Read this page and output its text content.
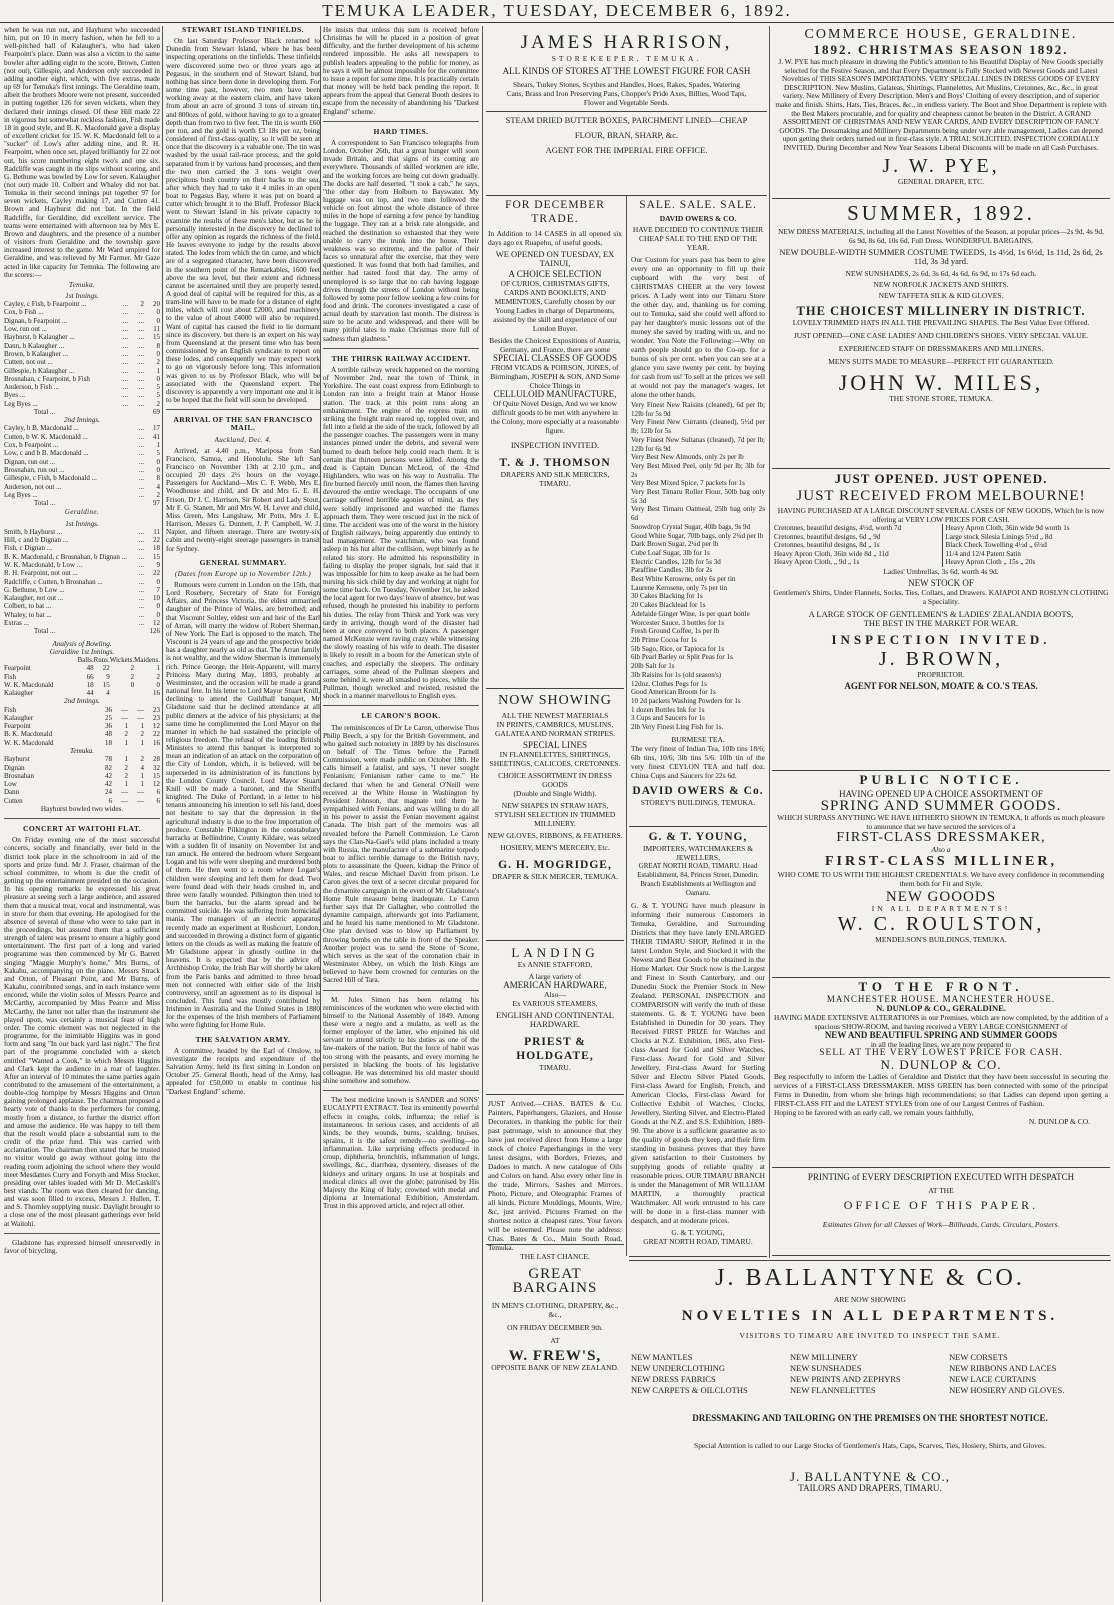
TEMUKA LEADER, TUESDAY, DECEMBER 6, 1892.

when he was run out, and Hayhurst who succeeded him, put on 10 in merry fashion, when he fell to a well-pitched ball of Kalaugher's, who had taken Fearpoint's place. Dann was also a victim to the same bowler after adding eight to the score, Brown, Cutten (not out), Gillespie, and Anderson only succeeded in adding another eight, which, with five extras, made up 69 for Temuka's first innings. The Geraldine team, albeit the brothers Moore were not present, succeeded in putting together 126 for seven wickets, when they declared their innings closed. Of these Hill made 22 in vigorous but somewhat reckless fashion, Fish made 18 in good style, and B. K. Macdonald gave a display of excellent cricket for 15. W. K. Macdonald fell to a "sucker" of Low's after adding nine, and R. H. Fearpoint, when once set, played brilliantly for 22 not out, his score numbering eight two's and one six. Radcliffe was caught in the slips without scoring, and G. Bethune was bowled by Low for seven. Kalaugher (not out) made 10. Colbert and Whaley did not bat. Temuka in their second innings put together 97 for seven wickets, Cayley making 17, and Cutten 41. Brown and Hayhurst did not bat. In the field Radcliffe, for Geraldine, did excellent service. The teams were entertained with afternoon tea by Mrs E. Brown and daughters, and the presence of a number of visitors from Geraldine and the township gave increased interest to the game. Mr Ward umpired for Geraldine, and was relieved by Mr Farmer. Mr Gaze acted in like capacity for Temuka. The following are the scores:—

Temuka.
1st Innings.
Cayley, c Fish, b Fearpoint ...	...	2	20
Cox, b Fish ...	...	...	0
Dignan, b Fearpoint ...	...	...	0
Low, run out ...	...	...	11
Hayhurst, b Kalaugher ...	...	...	15
Dann, b Kalaugher ...	...	...	8
Brown, b Kalaugher ...	...	...	0
Cutten, not out ...	...	...	2
Gillespie, b Kalaugher ...	...	...	1
Brosnahan, c Fearpoint, b Fish	...	...	0
Anderson, b Fish ...	...	...	5
Byes ...	...	...	5
Leg Byes ...	...	...	2
Total ...	69
2nd Innings.
Cayley, b B. Macdonald ...	...	17
Cutten, b W. K. Macdonald ...	...	41
Cox, b Fearpoint ...	...	1
Low, c and b B. Macdonald ...	...	5
Dignan, run out ...	...	0
Brosnahan, run out ...	...	0
Gillespie, c Fish, b Macdonald ...	...	8
Anderson, not out ...	...	4
Leg Byes ...	...	2
Total ...	97
Geraldine.
1st Innings.
Smith, b Hayhurst ...	...	11
Hill, c and b Dignan ...	...	22
Fish, c Dignan ...	...	18
B. K. Macdonald, c Brosnahan, b Dignan ...	...	15
W. K. Macdonald, b Low ...	...	9
R. H. Fearpoint, not out ...	...	22
Radcliffe, c Cutten, b Brosnahan ...	...	0
G. Bethune, b Low ...	...	7
Kalaugher, not out ...	...	10
Colbert, to bat ...	...	0
Whaley, to bat ...	...	0
Extras ...	...	12
Total ...	126
Analysis of Bowling.
Geraldine 1st Innings.
	Balls.	Runs.	Wickets.	Maidens.
Fearpoint	48	22	2	1
Fish	66	9	2	2
W. K. Macdonald	18	15	0	0
Kalaugher	44	4		16
2nd Innings.
Fish	36	—	—	23
Kalaugher	25	—	—	23
Fearpoint	36	1	1	12
B. K. Macdonald	48	2	2	22
W. K. Macdonald	18	1	1	16
Temuka.
Hayhurst	78	1	2	28
Dignan	82	2	4	32
Brosnahan	42	2	1	15
Low	42	1	1	12
Dann	24	—	—	6
Cutten	6	—	—	6
Hayhurst bowled two wides.
CONCERT AT WAITOHI FLAT.

On Friday evening one of the most successful concerts, socially and financially, ever held in the district took place in the schoolroom in aid of the sports and prize fund. Mr J. Fraser, chairman of the school committee, to whom is due the credit of getting up the entertainment presided on the occasion. In his opening remarks he expressed his great pleasure at seeing such a large audience, and assured them that a musical treat, vocal and instrumental, was in store for them that evening. He apologised for the absence of several of those who were to take part in the proceedings, but assured them that a sufficient strength of talent was present to ensure a highly good entertainment. The first part of a long and varied programme was then commenced by Mr G. Barrett singing "Maggie Murphy's home," Mrs Burns, of Kakahu, accompanying on the piano. Messrs Strack and Orton, of Pleasant Point, and Mr Burns, of Kakahu, contributed songs, and in each instance were encored, while the violin solos of Messrs Pearce and McCarthy, accompanied by Miss Pearce and Miss McCarthy, the latter not taller than the instrument she played upon, was certainly a musical feast of high order. The comic element was not neglected in the programme, for the inimitable Higgins was in good form and sang "In our back yard last night." The first part of the programme concluded with a sketch entitled "Wanted a Cook," in which Messrs Higgins and Clark kept the audience in a roar of laughter. After an interval of 10 minutes the same parties again contributed to the amusement of the entertainment, a double-clog hornpipe by Messrs Higgins and Orton gaining prolonged applause. The chairman proposed a hearty vote of thanks to the performers for coming, mostly from a distance, to further the district effort and amuse the audience. He was happy to tell them that the result would place a substantial sum to the credit of the prize fund. This was carried with acclamation. The chairman then stated that he trusted no visitor would go away without going into the reading room adjoining the school where they would meet Mesdames Curry and Forsyth and Miss Stocker, presiding over tables loaded with Mr D. McCaskill's best viands. The room was then cleared for dancing, and was soon filled to excess, Messrs J. Hullen, T. and S. Thornley supplying music. Daylight brought to a close one of the most pleasant gatherings ever held at Waitohi.

Gladstone has expressed himself unreservedly in favor of bicycling.

STEWART ISLAND TINFIELDS.

On last Saturday Professor Black returned to Dunedin from Stewart Island, where he has been inspecting operations on the tinfields. These tinfields were discovered some two or three years ago at Pegasus, in the southern end of Stewart Island, but nothing has since been done in developing them. For some time past, however, two men have been working away at the eastern claim, and have taken from about an acre of ground 3 tons of stream tin, and 800ozs of gold, without having to go to a greater depth than from two to five feet. The tin is worth £60 per ton, and the gold is worth £3 18s per oz, being considered of first-class quality, so it will be seen at once that the discovery is a valuable one. The tin was washed by the usual tail-race process, and the gold separated from it by various hand processes, and then the two men carried the 3 tons weight over precipitous bush country on their backs to the sea, after which they had to take it 4 miles in an open boat to Pegasus Bay, where it was put on board a cutter which brought it to the Bluff. Professor Black went to Stewart Island in his private capacity to examine the results of these men's labor, but as he is personally interested in the discovery he declined to offer any opinion as regards the richness of the field. He leaves everyone to judge by the results above stated. The lodes from which the tin came, and which are of a segregated character, have been discovered in the southern point of the Remarkables, 1600 feet above the sea level, but their extent and richness cannot be ascertained until they are properly tested. A good deal of capital will be required for this, as a tram-line will have to be made for a distance of eight miles, which will cost about £2000, and machinery to the value of about £4000 will also be required. Want of capital has caused the field to lie dormant since its discovery, but there is an expert on his way from Queensland at the present time who has been commissioned by an English syndicate to report on these lodes, and consequently we may expect work to go on vigorously before long. This information was given to us by Professor Black, who will be associated with the Queensland expert. The discovery is apparently a very important one and it is to be hoped that the field will soon be developed.

ARRIVAL OF THE SAN FRANCISCO MAIL.
Auckland, Dec. 4.

Arrived, at 4.40 p.m., Mariposa from San Francisco, Samoa, and Honolulu. She left San Francisco on November 13th at 2.10 p.m., and occupied 20 days 2½ hours on the voyage. Passengers for Auckland—Mrs C. F. Webb, Mrs E. Woodhouse and child, and Dr and Mrs G. E. H. Frison, Dr J. C. Harrison, Sir Robert and Lady Stout, Mr F. G. Stanett, Mr and Mrs W. H. Lever and child, Miss Green, Mrs Langshaw, Mr Potts, Mrs J. E. Harrison, Messrs G. Dunnett, J. P. Campbell, W. J. Napier, and fifteen steerage. There are twenty-six cabin and twenty-eight steerage passengers in transit for Sydney.

GENERAL SUMMARY.
(Dates from Europe up to November 12th.)

Rumours were current in London on the 15th, that Lord Rosebery, Secretary of State for Foreign Affairs, and Princess Victoria, the eldest unmarried daughter of the Prince of Wales, are betrothed; and that Viscount Soltley, eldest son and heir of the Earl of Arran, will marry the widow of Robert Sherman, of New York. The Earl is opposed to the match. The Viscount is 24 years of age and the prospective bride has a daughter nearly as old as that. The Arran family is not wealthy, and the widow Sherman is immensely rich. Prince George, the Heir-Apparent, will marry Princess Mary during May, 1893, probably at Westminster, and the occasion will be made a grand national fete. In his letter to Lord Mayor Stuart Knill, declining to attend the Guildhall banquet, Mr Gladstone said that he declined attendance at all public dinners at the advice of his physicians; at the same time he complimented the Lord Mayor on the manner in which he had sustained the principle of religious freedom. The refusal of the leading British Ministers to attend this banquet is interpreted to mean an indication of an attack on the corporation of the City of London, which, it is believed, will be superseded in its administration of its functions by the London County Council. Lord Mayor Stuart Knill will be made a baronet, and the Sheriffs knighted. The Duke of Portland, in a letter to his tenants announcing his intention to sell his land, does not hesitate to say that the depression in the agricultural industry is due to the free importation of produce. Constable Pilkington in the constabulary barracks at Bellindrine, County Kildare, was seized with a sudden fit of insanity on November 1st and ran amuck. He entered the bedroom where Sergeant Logan and his wife were sleeping and murdered both of them. He then went to a room where Logan's children were sleeping and left them for dead. Two were found dead with their heads crushed in, and three were fatally wounded. Pilkington then tried to burn the barracks, but the alarm spread and he committed suicide. He was suffering from homicidal mania. The managers of an electric apparatus recently made an experiment at Rushcourt, London, and succeeded in throwing a distinct form of gigantic letters on the clouds as well as making the feature of Mr Gladstone appear in ghostly outline in the heavens. It is expected that by the advice of Archbishop Croke, the Irish Bar will shortly be taken from the Paris banks and admitted to three broad men not connected with either side of the Irish controversy, until an agreement as to its disposal is concluded. This fund was mostly contributed by Irishmen in Australia and the United States in 1880 for the expenses of the Irish members of Parliament who were fighting for Home Rule.

THE SALVATION ARMY.

A committee, headed by the Earl of Onslow, to investigate the receipts and expenditure of the Salvation Army, held its first sitting in London on October 25. General Booth, head of the Army, has appealed for £50,000 to enable to continue his "Darkest England" scheme.

He insists that unless this sum is received before Christmas he will be placed in a position of great difficulty, and the further development of his scheme rendered impossible. He asks all newspapers to publish leaders appealing to the public for money, as he says it will be almost impossible for the committee to issue a report for some time. It is practically certain that money will be held back pending the report. It appears from the appeal that General Booth desires to escape from the necessity of abandoning his "Darkest England" scheme.

HARD TIMES.

A correspondent to San Francisco telegraphs from London, October 26th, that a great hunger will soon invade Britain, and that signs of its coming are everywhere. Thousands of skilled workmen are idle, and the working forces are being cut down gradually. The docks are half deserted. "I took a cab," he says, "the other day from Holborn to Bayswater. My luggage was on top, and two men followed the vehicle on foot almost the whole distance of three miles in the hope of earning a few pence by handling the luggage. They ran at a brisk rate alongside, and reached the destination so exhausted that they were unable to carry the trunk into the house. Their weakness was so extreme, and the pallor of their faces so unnatural after the exercise, that they were questioned. It was found that both had families, and neither had tasted food that day. The army of unemployed is so large that no cab having luggage drives through the streets of London without being followed by some poor fellow seeking a few coins for food and drink. The coroners investigated a case of actual death by starvation last month. The distress is sure to be acute and widespread, and there will be many pitiful tales to make Christmas more full of sadness than gladness."

THE THIRSK RAILWAY ACCIDENT.

A terrible railway wreck happened on the morning of November 2nd, near the town of Thirsk in Yorkshire. The east coast express from Edinburgh to London ran into a freight train at Manor House station. The track at this point runs along an embankment. The engine of the express train on striking the freight train reared up, toppled over, and fell into a field at the side of the track, followed by all the passenger coaches. The passengers were in many instances pinned under the debris, and several were burned to death before help could reach them. It is certain that thirteen persons were killed. Among the dead is Captain Duncan McLeod, of the 42nd Highlanders, who was on his way to Australia. The fire burned fiercely until noon, the flames then having devoured the entire wreckage. The occupants of one carriage suffered horrible agonies of mind, as they were solidly imprisoned and watched the flames approach them. They were rescued just in the nick of time. The accident was one of the worst in the history of English railways, being apparently due entirely to bad management. The watchman, who was found asleep in his hut after the collision, wept bitterly as he related his story. He admitted his responsibility in failing to display the proper signals, but said that it was impossible for him to keep awake as he had been nursing his sick child by day and working at night for some time back. On Tuesday, November 1st, he asked the local agent for two days' leave of absence, but was refused, though he protested his inability to perform his duties. The relay from Thirsk and York was very tardy in arriving, though word of the disaster had been at once conveyed to both places. A passenger named McKenzie went raving crazy while witnessing the slowly roasting of his wife to death. The disaster is likely to result in a boom for the American style of coaches, and especially the sleepers. The ordinary carriages, some ahead of the Pullman sleepers and some behind it, were all smashed to pieces, while the Pullman, though wrecked and twisted, resisted the shock in a manner marvellous to English eyes.

LE CARON'S BOOK.

The reminiscences of Dr Le Caron, otherwise Thos Philip Beech, a spy for the British Government, and who gained such notoriety in 1889 by his disclosures on behalf of The Times before the Parnell Commission, were made public on October 18th. He calls himself a fatalist, and says, "I never sought Fenianism; Fenianism rather came to me." He declared that when he and General O'Neill were received at the White House in Washington by President Johnson, that magnate told them he sympathised with Fenians, and was willing to do all in his power to assist the Fenian movement against Canada. The Irish part of the memoirs was all revealed before the Parnell Commission. Le Caron says the Clan-Na-Gael's wild plans included a treaty with Russia, the manufacture of a submarine torpedo boat to inflict terrible damage to the British navy, plots to assassinate the Queen, kidnap the Prince of Wales, and rescue Michael Davitt from prison. Le Caron gives the text of a secret circular prepared for the dynamite campaign in the event of Mr Gladstone's Home Rule measure being inadequate. Le Caron further says that Dr Gallagher, who controlled the dynamite campaign, afterwards got into Parliament, and he heard his name mentioned to Mr Gladstone. One plan devised was to blow up Parliament by throwing bombs on the table in front of the Speaker. Another project was to send the Stone of Scone, which serves as the seat of the coronation chair in Westminster Abbey, on which the Irish Kings are believed to have been crowned for centuries on the Sacred Hill of Tara.

M. Jules Simon has been relating his reminiscences of the workmen who were elected with himself to the National Assembly of 1849. Among these were a negro and a mulatto, as well as the former employer of the latter, who enjoined his old servant to attend strictly to his duties as one of the law-makers of the nation. But the force of habit was too strong with the peasants, and every morning he persisted in blacking the boots of his legislative colleague. He was determined his old master should shine somehow and somehow.

The best medicine known is SANDER and SONS' EUCALYPTI EXTRACT. Test its eminently powerful effects in coughs, colds, influenza; the relief is instantaneous. In serious cases, and accidents of all kinds, be they wounds, burns, scalding, bruises, sprains, it is the safest remedy—no swelling—no inflammation. Like surprising effects produced in croup, diphtheria, bronchitis, inflammation of lungs, swellings, &c., diarrhœa, dysentery, diseases of the kidneys and urinary organs. In use at hospitals and medical clinics all over the globe; patronised by His Majesty the King of Italy; crowned with medal and diploma at International Exhibition, Amsterdam. Trust in this approved article, and reject all other.

JAMES HARRISON,
STOREKEEPER, TEMUKA.
ALL KINDS OF STORES AT THE LOWEST FIGURE FOR CASH
Shears, Turkey Stones, Scythes and Handles, Hoes, Rakes, Spades, Watering Cans, Brass and Iron Preserving Pans, Chopper's Pride Axes, Billies, Wood Taps, Flower and Vegetable Seeds.
STEAM DRIED BUTTER BOXES, PARCHMENT LINED—CHEAP
FLOUR, BRAN, SHARP, &c.
AGENT FOR THE IMPERIAL FIRE OFFICE.
FOR DECEMBER TRADE.
In Addition to 14 CASES in all opened six days ago ex Ruapehu, of useful goods,
WE OPENED ON TUESDAY, EX TAINUI,
A CHOICE SELECTION
OF CURIOS, CHRISTMAS GIFTS, CARDS AND BOOKLETS, AND MEMENTOES, Carefully chosen by our Young Ladies in charge of Departments, assisted by the skill and experience of our London Buyer.
Besides the Choicest Expositions of Austria, Germany, and France, there are some
SPECIAL CLASSES OF GOODS
FROM VICADS & POIRSON, JONES, of Birmingham, JOSEPH & SON, AND Some Choice Things in
CELLULOID MANUFACTURE,
Of Quite Novel Design, And we we know difficult goods to be met with anywhere in the Colony, more especially at a reasonable figure.
INSPECTION INVITED.
T. & J. THOMSON
DRAPERS AND SILK MERCERS, TIMARU.
NOW SHOWING
ALL THE NEWEST MATERIALS
IN PRINTS, CAMBRICS, MUSLINS, GALATEA AND NORMAN STRIPES.
SPECIAL LINES
IN FLANNELETTES, SHIRTINGS, SHEETINGS, CALICOES, CRETONNES.
CHOICE ASSORTMENT IN DRESS GOODS
(Double and Single Width).
NEW SHAPES IN STRAW HATS,
STYLISH SELECTION IN TRIMMED MILLINERY.
NEW GLOVES, RIBBONS, & FEATHERS.
HOSIERY, MEN'S MERCERY, Etc.
G. H. MOGRIDGE,
DRAPER & SILK MERCER, TEMUKA.
LANDING
Ex ANNIE STAFFORD,
A large variety of
AMERICAN HARDWARE,
Also—
Ex VARIOUS STEAMERS,
ENGLISH AND CONTINENTAL HARDWARE.
PRIEST & HOLDGATE,
TIMARU.
JUST Arrived.—CHAS. BATES & Co. Painters, Paperhangers, Glaziers, and House Decorators, in thanking the public for their past patronage, wish to announce that they have just received direct from Home a large stock of choice Paperhangings in the very latest designs, with Borders, Friezes, and Dadoes to match. A new catalogue of Oils and Colors on hand. Also every other line in the trade, Mirrors, Sashes and Mirrors. Photo, Picture, and Oleographic Frames of all kinds. Picture Mouldings, Mounts, Wire, &c, just arrived. Pictures Framed on the shortest notice at cheapest rates. Your favors will be esteemed. Please note the address: Chas. Bates & Co., Main South Road, Temuka.
THE LAST CHANCE.
GREAT BARGAINS
IN MEN'S CLOTHING, DRAPERY, &c., &c.,
ON FRIDAY DECEMBER 9th.
AT
W. FREW'S,
OPPOSITE BANK OF NEW ZEALAND.
SALE. SALE. SALE.
DAVID OWERS & CO.
HAVE DECIDED TO CONTINUE THEIR CHEAP SALE TO THE END OF THE YEAR.
Our Custom for years past has been to give every one an opportunity to fill up their cupboard with the very best of CHRISTMAS CHEER at the very lowest prices. A Lady went into our Timaru Store the other day, and, thanking us for coming out to Temuka, said she could well afford to pay her daughter's music lessons out of the money she saved by trading with us, and no wonder. You Note the Following:—Why on earth people should go to the Co-op. for a bonus of six per cent. when you can see at a glance you save twenty per cent. by buying for cash from us! To sell at the prices we sell at would not pay the manager's wages, let alone the other hands.
Very Finest New Raisins (cleaned), 6d per lb; 12lb for 5s 9d
Very Finest New Currants (cleaned), 5½d per lb; 12lb for 5s
Very Finest New Sultanas (cleaned), 7d per lb; 12lb for 6s 9d
Very Best New Almonds, only 2s per lb
Very Best Mixed Peel, only 9d per lb; 3lb for 2s
Very Best Mixed Spice, 7 packets for 1s
Very Best Timaru Roller Flour, 50lb bag only 5s 3d
Very Best Timaru Oatmeal, 25lb bag only 2s 6d
Snowdrop Crystal Sugar, 40lb bags, 9s 9d
Good White Sugar, 70lb bags, only 2¾d per lb
Dark Brown Sugar, 2¼d per lb
Cube Loaf Sugar, 3lb for 1s
Electric Candles, 12lb for 5s 3d
Paraffine Candles, 3lb for 2s
Best White Kerosene, only 6s per tin
Laurene Kerosene, only 7s per tin
30 Cakes Blacking for 1s
20 Cakes Blacklead for 1s
Adelaide Ginger Wine, 1s per quart bottle
Worcester Sauce, 3 bottles for 1s
Fresh Ground Coffee, 1s per lb
2lb Prime Cocoa for 1s
5lb Sago, Rice, or Tapioca for 1s
6lb Pearl Barley or Split Peas for 1s
20lb Salt for 1s
3lb Raisins for 1s (old season's)
12doz. Clothes Pegs for 1s
Good American Broom for 1s
10 2d packets Washing Powders for 1s
1 dozen Bottles Ink for 1s
3 Cups and Saucers for 1s
2lb Very Finest Ling Fish for 1s.
BURMESE TEA.
The very finest of Indian Tea, 10lb tins 18/6; 6lb tins, 10/6; 3lb tins 5/6. 10lb tin of the very finest CEYLON TEA and half doz. China Cups and Saucers for 22s 6d.
DAVID OWERS & Co.
STOREY'S BUILDINGS, TEMUKA.
G. & T. YOUNG,
IMPORTERS, WATCHMAKERS & JEWELLERS,
GREAT NORTH ROAD, TIMARU. Head Establishment, 84, Princes Street, Dunedin. Branch Establishments at Wellington and Oamaru.
G. & T. YOUNG have much pleasure in informing their numerous Customers in Temuka, Geraldine, and Surrounding Districts that they have lately ENLARGED THEIR TIMARU SHOP, Refitted it in the latest London Style, and Stocked it with the Newest and Best Goods to be obtained in the Home Market. Our Stock now is the Largest and Finest in South Canterbury, and our Dunedin Stock the Premier Stock in New Zealand. PERSONAL INSPECTION and COMPARISON will verify the truth of these statements. G. & T. YOUNG have been Established in Dunedin for 30 years. They Received FIRST PRIZE for Watches and Clocks at N.Z. Exhibition, 1865, also First-class Award for Gold and Silver Watches, First-class Award for Gold and Silver Jewellery, First-class Award for Sterling Silver and Electro Silver Plated Goods, First-class Award for English, French, and American Clocks, First-class Award for Collective Exhibit of Watches, Clocks, Jewellery, Sterling Silver, and Electro-Plated Goods at the N.Z. and S.S. Exhibition, 1889-90. The above is a sufficient guarantee as to the quality of goods they keep, and their firm standing in business proves that they have given satisfaction to their Customers by supplying goods of reliable quality at reasonable prices. OUR TIMARU BRANCH is under the Management of MR WILLIAM MARTIN, a thoroughly practical Watchmaker. All work entrusted to his care will be done in a first-class manner with despatch, and at moderate prices.
G. & T. YOUNG,
GREAT NORTH ROAD, TIMARU.
COMMERCE HOUSE, GERALDINE.
1892. CHRISTMAS SEASON 1892.
J. W. PYE has much pleasure in drawing the Public's attention to his Beautiful Display of New Goods specially selected for the Festive Season, and that Every Department is Fully Stocked with Newest Goods and Latest Novelties of THIS SEASON'S IMPORTATIONS. VERY SPECIAL LINES IN DRESS GOODS OF EVERY DESCRIPTION. New Muslins, Galateas, Shirtings, Flannelettes, Art Muslins, Cretonnes, &c., &c., in great variety. New Millinery of Every Description. Men's and Boys' Clothing of every description, and of superior make and finish. Shirts, Hats, Ties, Braces, &c., in endless variety. The Boot and Shoe Department is replete with the Best Makers procurable, and for quality and cheapness cannot be beaten in the District. A GRAND ASSORTMENT OF CHRISTMAS AND NEW YEAR CARDS, AND EVERY DESCRIPTION OF FANCY GOODS. The Dressmaking and Millinery Departments being under very able management, Ladies can depend upon getting their orders turned out in first-class style. A TRIAL SOLICITED. INSPECTION CORDIALLY INVITED. During December and New Year Seasons Liberal Discounts will be made on all Cash Purchases.
J. W. PYE,
GENERAL DRAPER, ETC.
SUMMER, 1892.
NEW DRESS MATERIALS, including all the Latest Novelties of the Season, at popular prices—2s 9d, 4s 9d, 6s 9d, 8s 6d, 10s 6d, Full Dress. WONDERFUL BARGAINS.
NEW DOUBLE-WIDTH SUMMER COSTUME TWEEDS, 1s 4½d, 1s 6½d, 1s 11d, 2s 6d, 2s 11d, 3s 3d yard.
NEW SUNSHADES, 2s 6d, 3s 6d, 4s 6d, 6s 9d, to 17s 6d each.
NEW NORFOLK JACKETS AND SHIRTS.
NEW TAFFETA SILK & KID GLOVES.
THE CHOICEST MILLINERY IN DISTRICT.
LOVELY TRIMMED HATS IN ALL THE PREVAILING SHAPES. The Best Value Ever Offered.
JUST OPENED—ONE CASE LADIES' AND CHILDREN'S SHOES. VERY SPECIAL VALUE.
EXPERIENCED STAFF OF DRESSMAKERS AND MILLINERS.
MEN'S SUITS MADE TO MEASURE—PERFECT FIT GUARANTEED.
JOHN W. MILES,
THE STONE STORE, TEMUKA.
JUST OPENED. JUST OPENED.
JUST RECEIVED FROM MELBOURNE!
HAVING PURCHASED AT A LARGE DISCOUNT SEVERAL CASES OF NEW GOODS, Which he is now offering at VERY LOW PRICES FOR CASH.
Cretonnes, beautiful designs, 4½d, worth 7d	Heavy Apron Cloth, 36in wide 9d worth 1s
Cretonnes, beautiful designs, 6d „ 9d	Large stock Silesia Linings 5½d „ 8d
Cretonnes, beautiful designs, 8d „ 1s	Black Check Towelling 4½d „ 6½d
Heavy Apron Cloth, 36in wide 8d „ 11d	11/4 and 12/4 Patent Satin
Heavy Apron Cloth, „ 9d „ 1s	Heavy Apron Cloth „ 15s „ 20s
Ladies' Umbrellas, 3s 6d, worth 4s 9d.
NEW STOCK OF
Gentlemen's Shirts, Under Flannels, Socks, Ties, Collars, and Drawers. KAIAPOI AND ROSLYN CLOTHING a Speciality.
A LARGE STOCK OF GENTLEMEN'S & LADIES' ZEALANDIA BOOTS,
THE BEST IN THE MARKET FOR WEAR.
INSPECTION INVITED.
J. BROWN,
PROPRIETOR.
AGENT FOR NELSON, MOATE & CO.'S TEAS.
PUBLIC NOTICE.
HAVING OPENED UP A CHOICE ASSORTMENT OF
SPRING AND SUMMER GOODS.
WHICH SURPASS ANYTHING WE HAVE HITHERTO SHOWN IN TEMUKA, It affords us much pleasure to announce that we have secured the services of a
FIRST-CLASS DRESSMAKER,
Also a
FIRST-CLASS MILLINER,
WHO COME TO US WITH THE HIGHEST CREDENTIALS. We have every confidence in recommending them both for Fit and Style.
NEW GOOODS
IN ALL DEPARTMENTS!
W. C. ROULSTON,
MENDELSON'S BUILDINGS, TEMUKA.
TO THE FRONT.
MANCHESTER HOUSE. MANCHESTER HOUSE.
N. DUNLOP & CO., GERALDINE.
HAVING MADE EXTENSIVE ALTERATIONS in our Premises, which are now completed, by the addition of a spacious SHOW-ROOM, and having received a VERY LARGE CONSIGNMENT of
NEW AND BEAUTIFUL SPRING AND SUMMER GOODS
in all the leading lines, we are now prepared to
SELL AT THE VERY LOWEST PRICE FOR CASH.
N. DUNLOP & CO.
Beg respectfully to inform the Ladies of Geraldine and District that they have been successful in securing the services of a FIRST-CLASS DRESSMAKER. MISS GREEN has been connected with some of the principal Firms in Dunedin, from whom she brings high recommendations; so that Ladies can depend upon getting a FIRST-CLASS FIT and the LATEST STYLES from one of our Largest Centres of Fashion.
Hoping to be favored with an early call, we remain yours faithfully,
N. DUNLOP & CO.
PRINTING of EVERY DESCRIPTION EXECUTED WITH DESPATCH
AT THE
OFFICE OF THIS PAPER.
Estimates Given for all Classes of Work—Billheads, Cards, Circulars, Posters.
J. BALLANTYNE & CO.
ARE NOW SHOWING
NOVELTIES IN ALL DEPARTMENTS.
VISITORS TO TIMARU ARE INVITED TO INSPECT THE SAME.
NEW MANTLES
NEW UNDERCLOTHING
NEW DRESS FABRICS
NEW CARPETS & OILCLOTHS

NEW MILLINERY
NEW SUNSHADES
NEW PRINTS AND ZEPHYRS
NEW FLANNELETTES

NEW CORSETS
NEW RIBBONS AND LACES
NEW LACE CURTAINS
NEW HOSIERY AND GLOVES.
DRESSMAKING AND TAILORING ON THE PREMISES ON THE SHORTEST NOTICE.
Special Attention is called to our Large Stocks of Gentlemen's Hats, Caps, Scarves, Ties, Hosiery, Shirts, and Gloves.
J. BALLANTYNE & CO.,
TAILORS AND DRAPERS, TIMARU.
